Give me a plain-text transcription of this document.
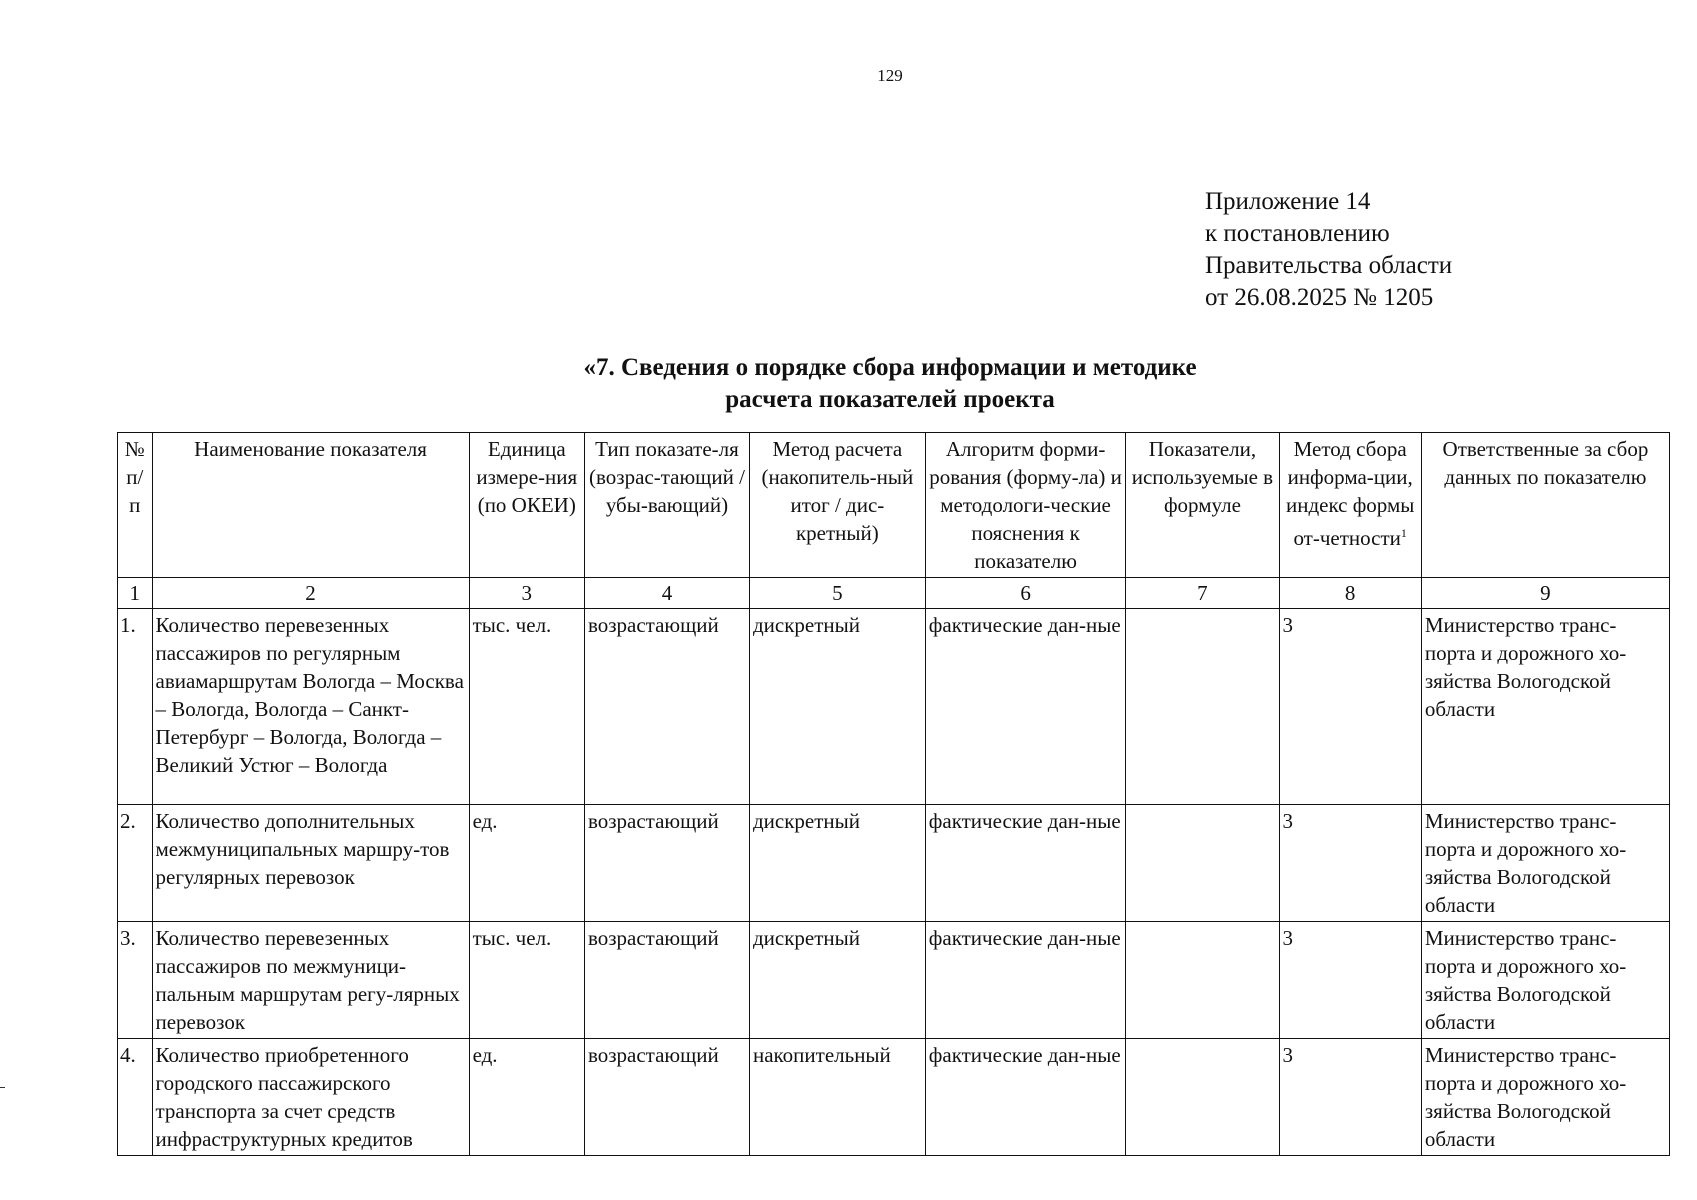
129
Приложение 14
к постановлению
Правительства области
от 26.08.2025 № 1205
«7. Сведения о порядке сбора информации и методике
расчета показателей проекта
№ п/п	Наименование показателя	Единица измере-ния (по ОКЕИ)	Тип показате-ля (возрас-тающий / убы-вающий)	Метод расчета (накопитель-ный итог / дис-кретный)	Алгоритм форми-рования (форму-ла) и методологи-ческие пояснения к показателю	Показатели, используемые в формуле	Метод сбора информа-ции, индекс формы от-четности$^1$	Ответственные за сбор данных по показателю
1	2	3	4	5	6	7	8	9
1.	Количество перевезенных пассажиров по регулярным авиамаршрутам Вологда – Москва – Вологда, Вологда – Санкт-Петербург – Вологда, Вологда – Великий Устюг – Вологда	тыс. чел.	возрастающий	дискретный	фактические дан-ные		3	Министерство транс-порта и дорожного хо-зяйства Вологодской области
2.	Количество дополнительных межмуниципальных маршру-тов регулярных перевозок	ед.	возрастающий	дискретный	фактические дан-ные		3	Министерство транс-порта и дорожного хо-зяйства Вологодской области
3.	Количество перевезенных пассажиров по межмуници-пальным маршрутам регу-лярных перевозок	тыс. чел.	возрастающий	дискретный	фактические дан-ные		3	Министерство транс-порта и дорожного хо-зяйства Вологодской области
4.	Количество приобретенного городского пассажирского транспорта за счет средств инфраструктурных кредитов	ед.	возрастающий	накопительный	фактические дан-ные		3	Министерство транс-порта и дорожного хо-зяйства Вологодской области
